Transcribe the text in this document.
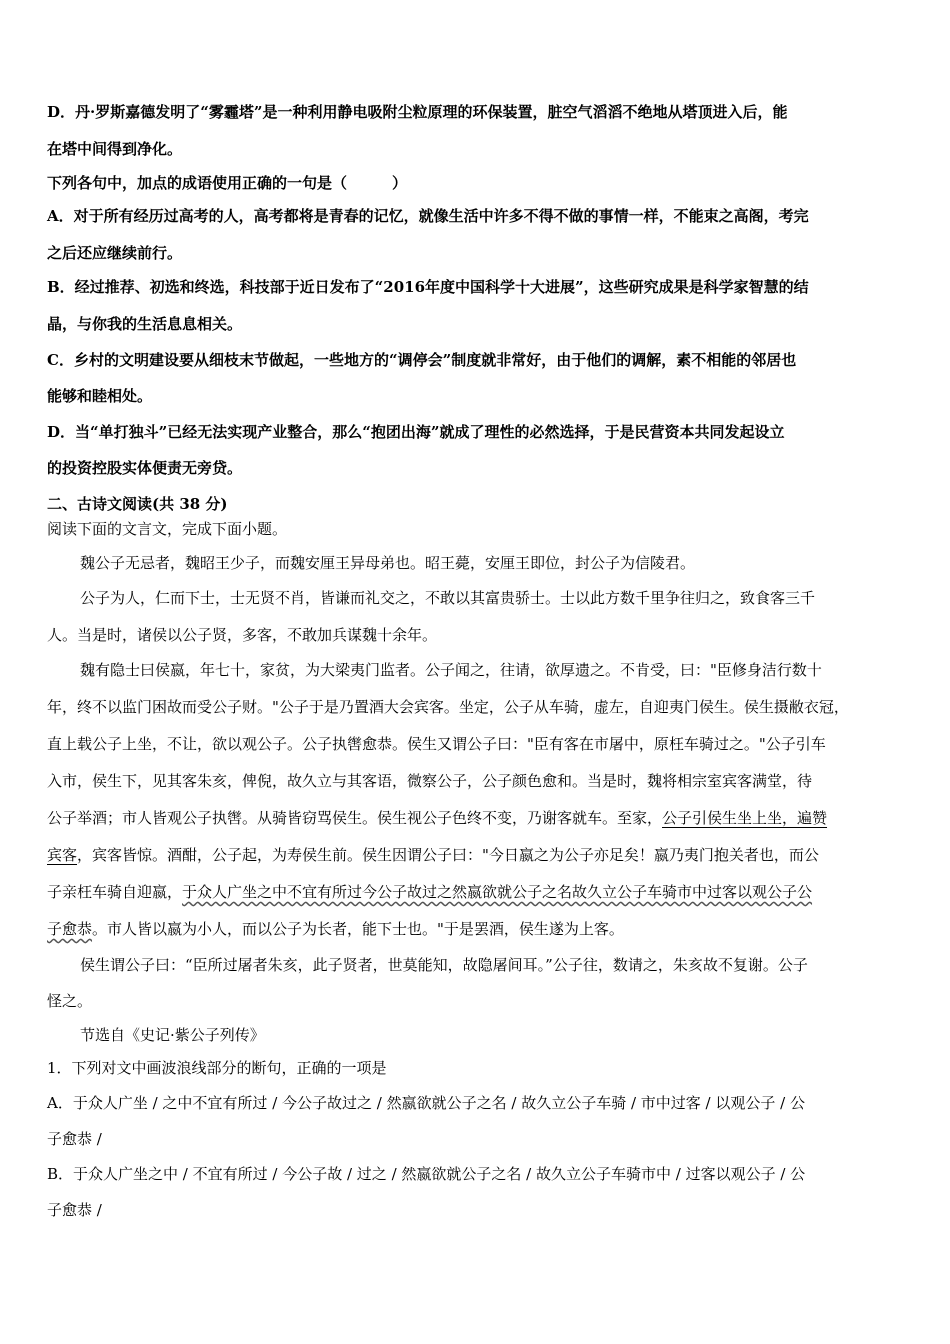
D．丹·罗斯嘉德发明了“雾霾塔”是一种利用静电吸附尘粒原理的环保装置，脏空气滔滔不绝地从塔顶进入后，能
在塔中间得到净化。
下列各句中，加点的成语使用正确的一句是（　　　）
A．对于所有经历过高考的人，高考都将是青春的记忆，就像生活中许多不得不做的事情一样，不能束之高阁，考完
之后还应继续前行。
B．经过推荐、初选和终选，科技部于近日发布了“2016年度中国科学十大进展”，这些研究成果是科学家智慧的结
晶，与你我的生活息息相关。
C．乡村的文明建设要从细枝末节做起，一些地方的“调停会”制度就非常好，由于他们的调解，素不相能的邻居也
能够和睦相处。
D．当“单打独斗”已经无法实现产业整合，那么“抱团出海”就成了理性的必然选择，于是民营资本共同发起设立
的投资控股实体便责无旁贷。
二、古诗文阅读(共 38 分)
阅读下面的文言文，完成下面小题。
魏公子无忌者，魏昭王少子，而魏安厘王异母弟也。昭王薨，安厘王即位，封公子为信陵君。
公子为人，仁而下士，士无贤不肖，皆谦而礼交之，不敢以其富贵骄士。士以此方数千里争往归之，致食客三千
人。当是时，诸侯以公子贤，多客，不敢加兵谋魏十余年。
魏有隐士曰侯嬴，年七十，家贫，为大梁夷门监者。公子闻之，往请，欲厚遗之。不肯受，曰："臣修身洁行数十
年，终不以监门困故而受公子财。"公子于是乃置酒大会宾客。坐定，公子从车骑，虚左，自迎夷门侯生。侯生摄敝衣冠，
直上载公子上坐，不让，欲以观公子。公子执辔愈恭。侯生又谓公子曰："臣有客在市屠中，原枉车骑过之。"公子引车
入市，侯生下，见其客朱亥，俾倪，故久立与其客语，微察公子，公子颜色愈和。当是时，魏将相宗室宾客满堂，待
公子举酒；市人皆观公子执辔。从骑皆窃骂侯生。侯生视公子色终不变，乃谢客就车。至家，公子引侯生坐上坐，遍赞
宾客，宾客皆惊。酒酣，公子起，为寿侯生前。侯生因谓公子曰："今日嬴之为公子亦足矣！嬴乃夷门抱关者也，而公
子亲枉车骑自迎嬴，于众人广坐之中不宜有所过今公子故过之然嬴欲就公子之名故久立公子车骑市中过客以观公子公
子愈恭。市人皆以嬴为小人，而以公子为长者，能下士也。"于是罢酒，侯生遂为上客。
侯生谓公子曰：“臣所过屠者朱亥，此子贤者，世莫能知，故隐屠间耳。”公子往，数请之，朱亥故不复谢。公子
怪之。
节选自《史记·紫公子列传》
1．下列对文中画波浪线部分的断句，正确的一项是
A．于众人广坐 / 之中不宜有所过 / 今公子故过之 / 然嬴欲就公子之名 / 故久立公子车骑 / 市中过客 / 以观公子 / 公
子愈恭 /
B．于众人广坐之中 / 不宜有所过 / 今公子故 / 过之 / 然嬴欲就公子之名 / 故久立公子车骑市中 / 过客以观公子 / 公
子愈恭 /
